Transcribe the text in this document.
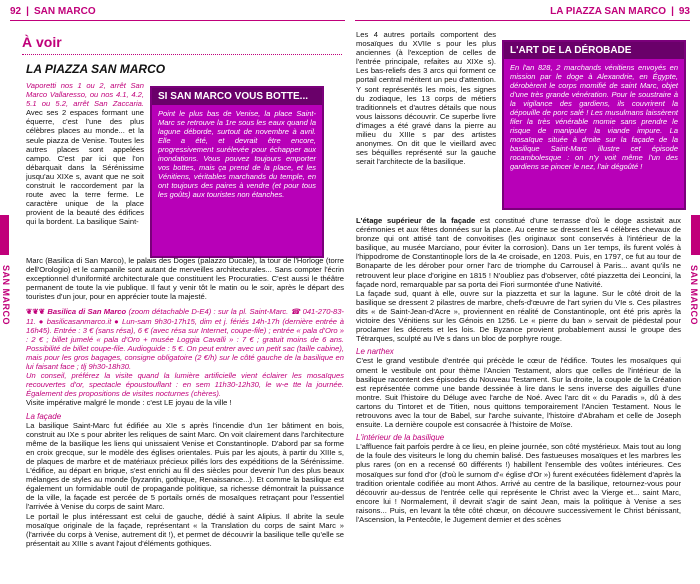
92 | SAN MARCO
SAN MARCO
À voir
LA PIAZZA SAN MARCO

Vaporetti nos 1 ou 2, arrêt San Marco Vallaresso, ou nos 4.1, 4.2, 5.1 ou 5.2, arrêt San Zaccaria. Avec ses 2 espaces formant une équerre, c'est l'une des plus célèbres places au monde... et la seule piazza de Venise. Toutes les autres places sont appelées campo. C'est par ici que l'on débarquait dans la Sérénissime jusqu'au XIXe s, avant que ne soit construit le raccordement par la route avec la terre ferme. Le caractère unique de la place provient de la beauté des édifices qui la bordent. La basilique Saint-

SI SAN MARCO VOUS BOTTE...
Point le plus bas de Venise, la place Saint-Marc se retrouve la 1re sous les eaux quand la lagune déborde, surtout de novembre à avril. Elle a été, et devrait être encore, progressivement surélevée pour échapper aux inondations. Vous pouvez toujours emporter vos bottes, mais ça prend de la place, et les Vénitiens, véritables marchands du temple, en ont toujours des paires à vendre (et pour tous les goûts) aux touristes non étanches.

Marc (Basilica di San Marco), le palais des Doges (palazzo Ducale), la tour de l'Horloge (torre dell'Orologio) et le campanile sont autant de merveilles architecturales... Sans compter l'écrin exceptionnel d'uniformité architecturale que constituent les Procuraties. C'est aussi le théâtre permanent de toute la vie publique. Il faut y venir tôt le matin ou le soir, après le départ des touristes d'un jour, pour en apprécier toute la majesté.

❦❦❦ Basilica di San Marco (zoom détachable D-E4) : sur la pl. Saint-Marc. ☎ 041-270-83-11. ● basilicasanmarco.it ● Lun-sam 9h30-17h15, dim et j. fériés 14h-17h (dernière entrée à 16h45). Entrée : 3 € (sans résa), 6 € (avec résa sur Internet, coupe-file) ; entrée « pala d'Oro » : 2 € ; billet jumelé « pala d'Oro + musée Loggia Cavalli » : 7 € ; gratuit moins de 6 ans. Possibilité de billet coupe-file. Audioguide : 5 €. On peut entrer avec un petit sac (taille cabine), mais pour les gros bagages, consigne obligatoire (2 €/h) sur le côté gauche de la basilique en lui faisant face ; tlj 9h30-18h30.

Un conseil, préférez la visite quand la lumière artificielle vient éclairer les mosaïques recouvertes d'or, spectacle époustouflant : en sem 11h30-12h30, le w-e tte la journée. Également des propositions de visites nocturnes (chères).

Visite impérative malgré le monde : c'est LE joyau de la ville !

La façade

La basilique Saint-Marc fut édifiée au XIe s après l'incendie d'un 1er bâtiment en bois, construit au IXe s pour abriter les reliques de saint Marc. On voit clairement dans l'architecture même de la basilique les liens qui unissaient Venise et Constantinople. D'abord par sa forme en croix grecque, sur le modèle des églises orientales. Puis par les ajouts, à partir du XIIIe s, de plaques de marbre et de matériaux précieux pillés lors des expéditions de la Sérénissime. L'édifice, au départ en brique, s'est enrichi au fil des siècles pour devenir l'un des plus beaux mélanges de styles au monde (byzantin, gothique, Renaissance...). Et comme la basilique est également un formidable outil de propagande politique, sa richesse démontrait la puissance de la ville, la façade est percée de 5 portails ornés de mosaïques retraçant pour l'essentiel l'arrivée à Venise du corps de saint Marc.

Le portail le plus intéressant est celui de gauche, dédié à saint Alipius. Il abrite la seule mosaïque originale de la façade, représentant « la Translation du corps de saint Marc » (l'arrivée du corps à Venise, autrement dit !), et permet de découvrir la basilique telle qu'elle se présentait au XIIIe s avant l'ajout d'éléments gothiques.

LA PIAZZA SAN MARCO | 93
SAN MARCO

Les 4 autres portails comportent des mosaïques du XVIIe s pour les plus anciennes (à l'exception de celles de l'entrée principale, refaites au XIXe s). Les bas-reliefs des 3 arcs qui forment ce portail central méritent un peu d'attention. Y sont représentés les mois, les signes du zodiaque, les 13 corps de métiers traditionnels et d'autres détails que nous vous laissons découvrir. Ce superbe livre d'images a été gravé dans la pierre au milieu du XIIIe s par des artistes anonymes. On dit que le vieillard avec ses béquilles représenté sur la gauche serait l'architecte de la basilique.

L'ART DE LA DÉROBADE
En l'an 828, 2 marchands vénitiens envoyés en mission par le doge à Alexandrie, en Égypte, dérobèrent le corps momifié de saint Marc, objet d'une très grande vénération. Pour le soustraire à la vigilance des gardiens, ils couvrirent la dépouille de porc salé ! Les musulmans laissèrent filer la très vénérable momie sans prendre le risque de manipuler la viande impure. La mosaïque située à droite sur la façade de la basilique Saint-Marc illustre cet épisode rocambolesque : on n'y voit même l'un des gardiens se pincer le nez, l'air dégoûté !

L'étage supérieur de la façade est constitué d'une terrasse d'où le doge assistait aux cérémonies et aux fêtes données sur la place. Au centre se dressent les 4 célèbres chevaux de bronze qui ont attisé tant de convoitises (les originaux sont conservés à l'intérieur de la basilique, au musée Marciano, pour éviter la corrosion). Dans un 1er temps, ils furent volés à l'hippodrome de Constantinople lors de la 4e croisade, en 1203. Puis, en 1797, ce fut au tour de Bonaparte de les dérober pour orner l'arc de triomphe du Carrousel à Paris... avant qu'ils ne retrouvent leur place d'origine en 1815 ! N'oubliez pas d'observer, côté piazzetta dei Leoncini, la façade nord, remarquable par sa porta dei Fiori surmontée d'une Nativité.

La façade sud, quant à elle, ouvre sur la piazzetta et sur la lagune. Sur le côté droit de la basilique se dressent 2 pilastres de marbre, chefs-d'œuvre de l'art syrien du VIe s. Ces pilastres dits « de Saint-Jean-d'Acre », proviennent en réalité de Constantinople, ont été pris après la victoire des Vénitiens sur les Génois en 1256. Le « pierre du ban » servait de piédestal pour proclamer les décrets et les lois. De Byzance provient probablement aussi le groupe des Tétrarques, sculpté au IVe s dans un bloc de porphyre rouge.

Le narthex

C'est le grand vestibule d'entrée qui précède le cœur de l'édifice. Toutes les mosaïques qui ornent le vestibule ont pour thème l'Ancien Testament, alors que celles de l'intérieur de la basilique racontent des épisodes du Nouveau Testament. Sur la droite, la coupole de la Création est représentée comme une bande dessinée à lire dans le sens inverse des aiguilles d'une montre. Suit l'histoire du Déluge avec l'arche de Noé. Avec l'arc dit « du Paradis », dû à des cartons du Tintoret et de Titien, nous quittons temporairement l'Ancien Testament. Nous le retrouvons avec la tour de Babel, sur l'arche suivante, l'histoire d'Abraham et celle de Joseph ensuite. La dernière coupole est consacrée à l'histoire de Moïse.

L'intérieur de la basilique

L'affluence fait parfois perdre à ce lieu, en pleine journée, son côté mystérieux. Mais tout au long de la foule des visiteurs le long du chemin balisé. Des fastueuses mosaïques et les marbres les plus rares (on en a recensé 60 différents !) habillent l'ensemble des voûtes intérieures. Ces mosaïques sur fond d'or (d'où le surnom d'« église d'Or ») furent exécutées fidèlement d'après la tradition orientale codifiée au mont Athos. Arrivé au centre de la basilique, retournez-vous pour découvrir au-dessus de l'entrée celle qui représente le Christ avec la Vierge et... saint Marc, encore lui ! Normalement, il devrait s'agir de saint Jean, mais la politique à Venise a ses raisons... Puis, en levant la tête côté chœur, on découvre successivement le Christ bénissant, l'Ascension, la Pentecôte, le Jugement dernier et des scènes
